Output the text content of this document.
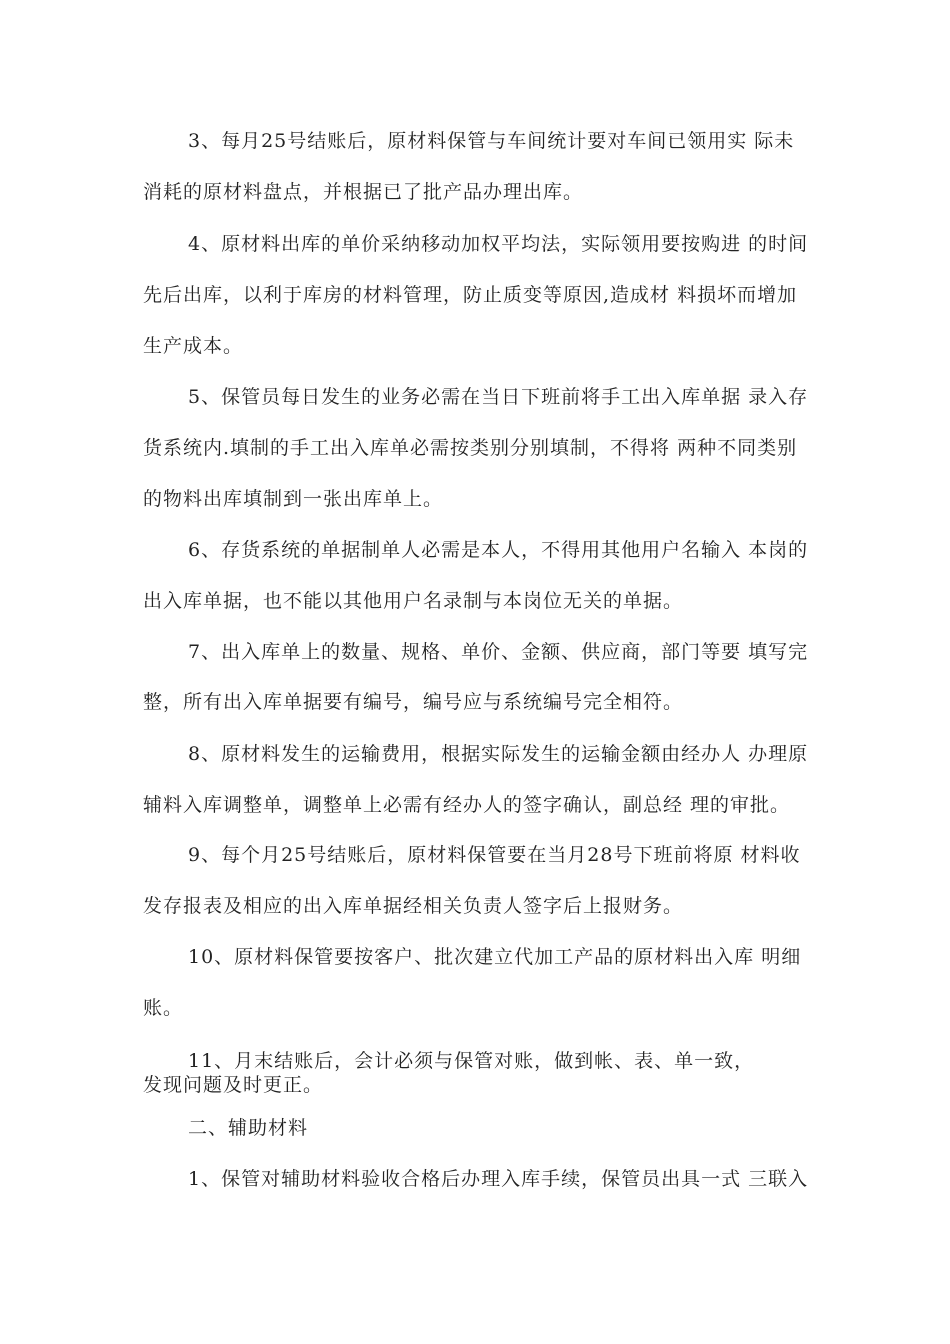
3、每月25号结账后，原材料保管与车间统计要对车间已领用实 际未
消耗的原材料盘点，并根据已了批产品办理出库。
4、原材料出库的单价采纳移动加权平均法，实际领用要按购进 的时间
先后出库，以利于库房的材料管理，防止质变等原因,造成材 料损坏而增加
生产成本。
5、保管员每日发生的业务必需在当日下班前将手工出入库单据 录入存
货系统内.填制的手工出入库单必需按类别分别填制，不得将 两种不同类别
的物料出库填制到一张出库单上。
6、存货系统的单据制单人必需是本人，不得用其他用户名输入 本岗的
出入库单据，也不能以其他用户名录制与本岗位无关的单据。
7、出入库单上的数量、规格、单价、金额、供应商，部门等要 填写完
整，所有出入库单据要有编号，编号应与系统编号完全相符。
8、原材料发生的运输费用，根据实际发生的运输金额由经办人 办理原
辅料入库调整单，调整单上必需有经办人的签字确认，副总经 理的审批。
9、每个月25号结账后，原材料保管要在当月28号下班前将原 材料收
发存报表及相应的出入库单据经相关负责人签字后上报财务。
10、原材料保管要按客户、批次建立代加工产品的原材料出入库 明细
账。
11、月末结账后，会计必须与保管对账，做到帐、表、单一致，
发现问题及时更正。
二、辅助材料
1、保管对辅助材料验收合格后办理入库手续，保管员出具一式 三联入
